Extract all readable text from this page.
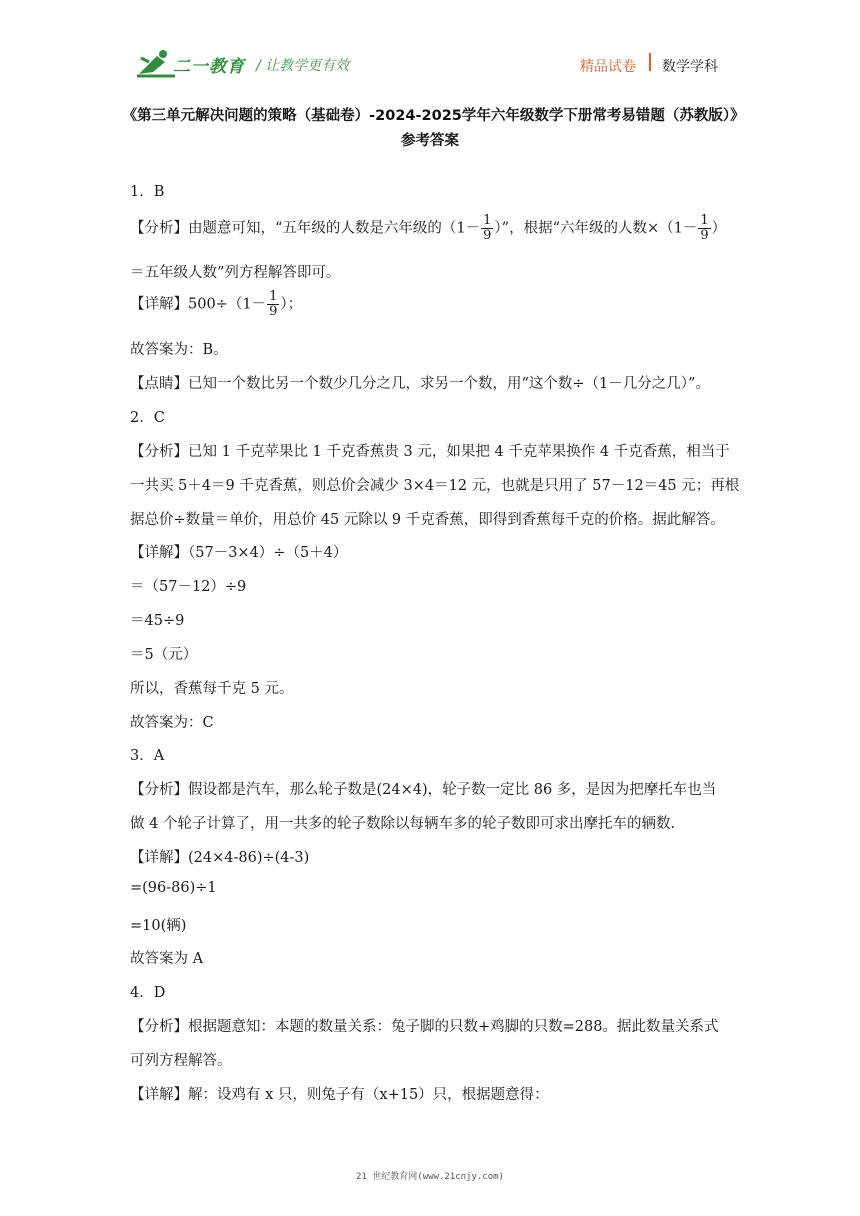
二一教育 / 让教学更有效	精品试卷 数学学科
《第三单元解决问题的策略（基础卷）-2024-2025学年六年级数学下册常考易错题（苏教版）》参考答案
1．B
【分析】由题意可知，“五年级的人数是六年级的（$1- \frac{1}{9}$ ）”，根据“六年级的人数$\times(1- \frac{1}{9}$ ）
＝五年级人数”列方程解答即可。
【详解】$500\div(1- \frac{1}{9}$ ）；
故答案为：B。
【点睛】已知一个数比另一个数少几分之几，求另一个数，用“这个数÷（1－几分之几）”。
2．C
【分析】已知 1 千克苹果比 1 千克香蕉贵 3 元，如果把 4 千克苹果换作 4 千克香蕉，相当于
一共买 5＋4＝9 千克香蕉，则总价会减少 3×4＝12 元，也就是只用了 57－12＝45 元；再根
据总价÷数量＝单价，用总价 45 元除以 9 千克香蕉，即得到香蕉每千克的价格。据此解答。
【详解】（57－3×4）÷（5＋4）
＝（57－12）÷9
＝45÷9
＝5（元）
所以，香蕉每千克 5 元。
故答案为：C
3．A
【分析】假设都是汽车，那么轮子数是(24×4)，轮子数一定比 86 多，是因为把摩托车也当
做 4 个轮子计算了，用一共多的轮子数除以每辆车多的轮子数即可求出摩托车的辆数.
【详解】(24×4-86)÷(4-3)
=(96-86)÷1
=10(辆)
故答案为 A
4．D
【分析】根据题意知：本题的数量关系：兔子脚的只数+鸡脚的只数=288。据此数量关系式
可列方程解答。
【详解】解：设鸡有 x 只，则兔子有（x+15）只，根据题意得：
21 世纪教育网(www.21cnjy.com)
